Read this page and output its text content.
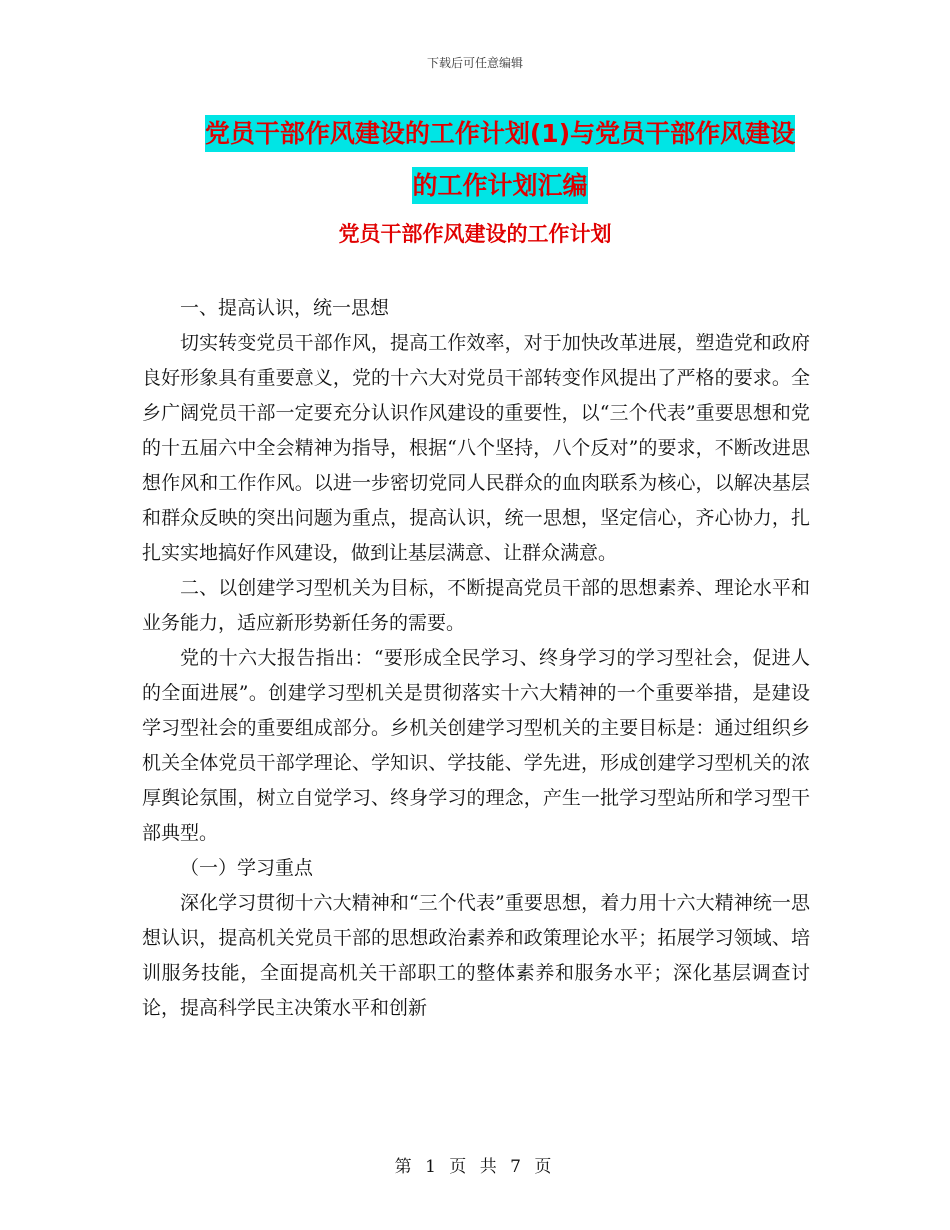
下载后可任意编辑
党员干部作风建设的工作计划(1)与党员干部作风建设
的工作计划汇编
党员干部作风建设的工作计划

一、提高认识，统一思想

切实转变党员干部作风，提高工作效率，对于加快改革进展，塑造党和政府良好形象具有重要意义，党的十六大对党员干部转变作风提出了严格的要求。全乡广阔党员干部一定要充分认识作风建设的重要性，以“三个代表”重要思想和党的十五届六中全会精神为指导，根据“八个坚持，八个反对”的要求，不断改进思想作风和工作作风。以进一步密切党同人民群众的血肉联系为核心，以解决基层和群众反映的突出问题为重点，提高认识，统一思想，坚定信心，齐心协力，扎扎实实地搞好作风建设，做到让基层满意、让群众满意。

二、以创建学习型机关为目标，不断提高党员干部的思想素养、理论水平和业务能力，适应新形势新任务的需要。

党的十六大报告指出：“要形成全民学习、终身学习的学习型社会，促进人的全面进展”。创建学习型机关是贯彻落实十六大精神的一个重要举措，是建设学习型社会的重要组成部分。乡机关创建学习型机关的主要目标是：通过组织乡机关全体党员干部学理论、学知识、学技能、学先进，形成创建学习型机关的浓厚舆论氛围，树立自觉学习、终身学习的理念，产生一批学习型站所和学习型干部典型。

（一）学习重点

深化学习贯彻十六大精神和“三个代表”重要思想，着力用十六大精神统一思想认识，提高机关党员干部的思想政治素养和政策理论水平；拓展学习领域、培训服务技能，全面提高机关干部职工的整体素养和服务水平；深化基层调查讨论，提高科学民主决策水平和创新

第 1 页 共 7 页
